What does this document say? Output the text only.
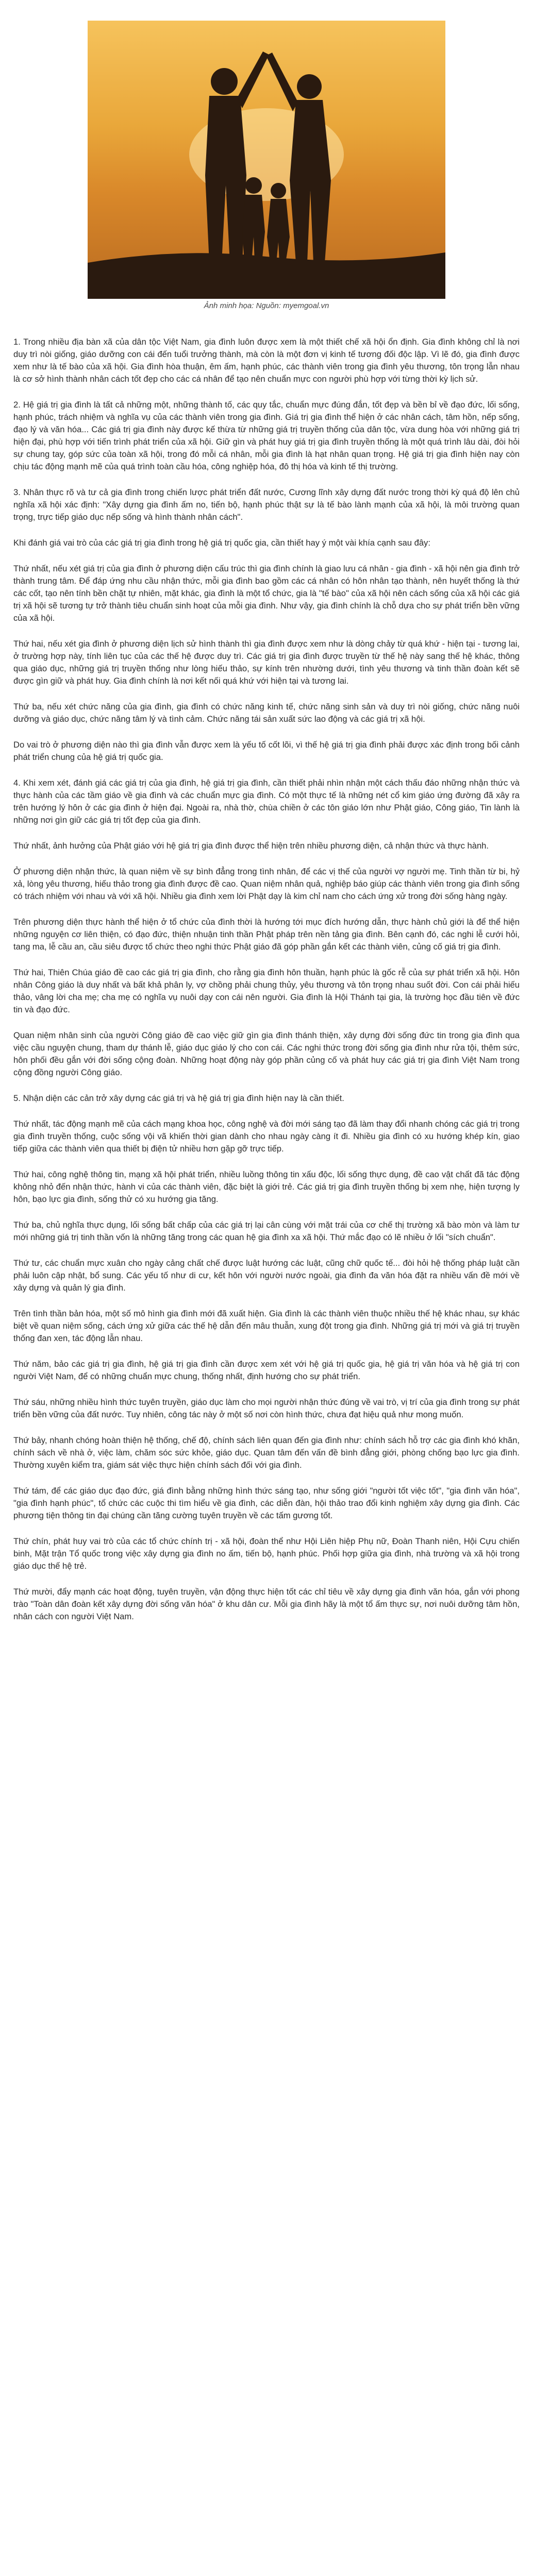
Ảnh minh họa: Nguồn: myemgoal.vn

1. Trong nhiều địa bàn xã của dân tộc Việt Nam, gia đình luôn được xem là một thiết chế xã hội ổn định. Gia đình không chỉ là nơi duy trì nòi giống, giáo dưỡng con cái đến tuổi trưởng thành, mà còn là một đơn vị kinh tế tương đối độc lập. Vì lẽ đó, gia đình được xem như là tế bào của xã hội. Gia đình hòa thuận, êm ấm, hạnh phúc, các thành viên trong gia đình yêu thương, tôn trọng lẫn nhau là cơ sở hình thành nhân cách tốt đẹp cho các cá nhân để tạo nên chuẩn mực con người phù hợp với từng thời kỳ lịch sử.

2. Hệ giá trị gia đình là tất cả những một, những thành tố, các quy tắc, chuẩn mực đúng đắn, tốt đẹp và bền bỉ về đạo đức, lối sống, hạnh phúc, trách nhiệm và nghĩa vụ của các thành viên trong gia đình. Giá trị gia đình thể hiện ở các nhân cách, tâm hồn, nếp sống, đạo lý và văn hóa... Các giá trị gia đình này được kế thừa từ những giá trị truyền thống của dân tộc, vừa dung hòa với những giá trị hiện đại, phù hợp với tiến trình phát triển của xã hội. Giữ gìn và phát huy giá trị gia đình truyền thống là một quá trình lâu dài, đòi hỏi sự chung tay, góp sức của toàn xã hội, trong đó mỗi cá nhân, mỗi gia đình là hạt nhân quan trọng. Hệ giá trị gia đình hiện nay còn chịu tác động mạnh mẽ của quá trình toàn cầu hóa, công nghiệp hóa, đô thị hóa và kinh tế thị trường.

3. Nhân thực rõ và tư cả gia đình trong chiến lược phát triển đất nước, Cương lĩnh xây dựng đất nước trong thời kỳ quá độ lên chủ nghĩa xã hội xác định: "Xây dựng gia đình ấm no, tiến bộ, hạnh phúc thật sự là tế bào lành mạnh của xã hội, là môi trường quan trọng, trực tiếp giáo dục nếp sống và hình thành nhân cách".

Khi đánh giá vai trò của các giá trị gia đình trong hệ giá trị quốc gia, cần thiết hay ý một vài khía cạnh sau đây:

Thứ nhất, nếu xét giá trị của gia đình ở phương diện cấu trúc thì gia đình chính là giao lưu cá nhân - gia đình - xã hội nên gia đình trở thành trung tâm. Để đáp ứng nhu cầu nhận thức, mỗi gia đình bao gồm các cá nhân có hôn nhân tạo thành, nên huyết thống là thứ các cốt, tạo nên tính bền chặt tự nhiên, mặt khác, gia đình là một tổ chức, gia là "tế bào" của xã hội nên cách sống của xã hội các giá trị xã hội sẽ tương tự trở thành tiêu chuẩn sinh hoạt của mỗi gia đình. Như vậy, gia đình chính là chỗ dựa cho sự phát triển bền vững của xã hội.

Thứ hai, nếu xét gia đình ở phương diện lịch sử hình thành thì gia đình được xem như là dòng chảy từ quá khứ - hiện tại - tương lai, ở trường hợp này, tính liên tục của các thế hệ được duy trì. Các giá trị gia đình được truyền từ thế hệ này sang thế hệ khác, thông qua giáo dục, những giá trị truyền thống như lòng hiếu thảo, sự kính trên nhường dưới, tình yêu thương và tinh thần đoàn kết sẽ được gìn giữ và phát huy. Gia đình chính là nơi kết nối quá khứ với hiện tại và tương lai.

Thứ ba, nếu xét chức năng của gia đình, gia đình có chức năng kinh tế, chức năng sinh sản và duy trì nòi giống, chức năng nuôi dưỡng và giáo dục, chức năng tâm lý và tình cảm. Chức năng tái sản xuất sức lao động và các giá trị xã hội.

Do vai trò ở phương diện nào thì gia đình vẫn được xem là yếu tố cốt lõi, vì thế hệ giá trị gia đình phải được xác định trong bối cảnh phát triển chung của hệ giá trị quốc gia.

4. Khi xem xét, đánh giá các giá trị của gia đình, hệ giá trị gia đình, cần thiết phải nhìn nhận một cách thấu đáo những nhận thức và thực hành của các tầm giáo về gia đình và các chuẩn mực gia đình. Có một thực tế là những nét cổ kim giáo ứng đường đã xây ra trên hướng lý hôn ở các gia đình ở hiện đại. Ngoài ra, nhà thờ, chùa chiền ở các tôn giáo lớn như Phật giáo, Công giáo, Tin lành là những nơi gìn giữ các giá trị tốt đẹp của gia đình.

Thứ nhất, ảnh hưởng của Phật giáo với hệ giá trị gia đình được thể hiện trên nhiều phương diện, cả nhận thức và thực hành.

Ở phương diện nhận thức, là quan niệm về sự bình đẳng trong tình nhân, để các vị thế của người vợ người mẹ. Tinh thần từ bi, hỷ xả, lòng yêu thương, hiếu thảo trong gia đình được đề cao. Quan niệm nhân quả, nghiệp báo giúp các thành viên trong gia đình sống có trách nhiệm với nhau và với xã hội. Nhiều gia đình xem lời Phật dạy là kim chỉ nam cho cách ứng xử trong đời sống hàng ngày.

Trên phương diện thực hành thể hiện ở tổ chức của đình thời là hướng tới mục đích hướng dẫn, thực hành chủ giới là để thể hiện những nguyện cơ liên thiện, có đạo đức, thiện nhuận tinh thần Phật pháp trên nền tảng gia đình. Bên cạnh đó, các nghi lễ cưới hỏi, tang ma, lễ cầu an, cầu siêu được tổ chức theo nghi thức Phật giáo đã góp phần gắn kết các thành viên, củng cố giá trị gia đình.

Thứ hai, Thiên Chúa giáo đề cao các giá trị gia đình, cho rằng gia đình hôn thuần, hạnh phúc là gốc rễ của sự phát triển xã hội. Hôn nhân Công giáo là duy nhất và bất khả phân ly, vợ chồng phải chung thủy, yêu thương và tôn trọng nhau suốt đời. Con cái phải hiếu thảo, vâng lời cha mẹ; cha mẹ có nghĩa vụ nuôi dạy con cái nên người. Gia đình là Hội Thánh tại gia, là trường học đầu tiên về đức tin và đạo đức.

Quan niệm nhân sinh của người Công giáo đề cao việc giữ gìn gia đình thánh thiện, xây dựng đời sống đức tin trong gia đình qua việc cầu nguyện chung, tham dự thánh lễ, giáo dục giáo lý cho con cái. Các nghi thức trong đời sống gia đình như rửa tội, thêm sức, hôn phối đều gắn với đời sống cộng đoàn. Những hoạt động này góp phần củng cố và phát huy các giá trị gia đình Việt Nam trong cộng đồng người Công giáo.

5. Nhận diện các cản trở xây dựng các giá trị và hệ giá trị gia đình hiện nay là cần thiết.

Thứ nhất, tác động mạnh mẽ của cách mạng khoa học, công nghệ và đời mới sáng tạo đã làm thay đổi nhanh chóng các giá trị trong gia đình truyền thống, cuộc sống vội vã khiến thời gian dành cho nhau ngày càng ít đi. Nhiều gia đình có xu hướng khép kín, giao tiếp giữa các thành viên qua thiết bị điện tử nhiều hơn gặp gỡ trực tiếp.

Thứ hai, công nghệ thông tin, mạng xã hội phát triển, nhiều luồng thông tin xấu độc, lối sống thực dụng, đề cao vật chất đã tác động không nhỏ đến nhận thức, hành vi của các thành viên, đặc biệt là giới trẻ. Các giá trị gia đình truyền thống bị xem nhẹ, hiện tượng ly hôn, bạo lực gia đình, sống thử có xu hướng gia tăng.

Thứ ba, chủ nghĩa thực dụng, lối sống bất chấp của các giá trị lại cân cùng với mặt trái của cơ chế thị trường xã bào mòn và làm tư mới những giá trị tinh thần vốn là những tăng trong các quan hệ gia đình xa xã hội. Thứ mắc đạo có lẽ nhiều ở lối "sích chuẩn".

Thứ tư, các chuẩn mực xuân cho ngày cảng chất chế được luật hướng các luật, cũng chữ quốc tế... đòi hỏi hệ thống pháp luật cần phải luôn cập nhật, bổ sung. Các yếu tố như di cư, kết hôn với người nước ngoài, gia đình đa văn hóa đặt ra nhiều vấn đề mới về xây dựng và quản lý gia đình.

Trên tình thần bản hóa, một số mô hình gia đình mới đã xuất hiện. Gia đình là các thành viên thuộc nhiều thế hệ khác nhau, sự khác biệt về quan niệm sống, cách ứng xử giữa các thế hệ dẫn đến mâu thuẫn, xung đột trong gia đình. Những giá trị mới và giá trị truyền thống đan xen, tác động lẫn nhau.

Thứ năm, bảo các giá trị gia đình, hệ giá trị gia đình cần được xem xét với hệ giá trị quốc gia, hệ giá trị văn hóa và hệ giá trị con người Việt Nam, để có những chuẩn mực chung, thống nhất, định hướng cho sự phát triển.

Thứ sáu, những nhiều hình thức tuyên truyền, giáo dục làm cho mọi người nhận thức đúng về vai trò, vị trí của gia đình trong sự phát triển bền vững của đất nước. Tuy nhiên, công tác này ở một số nơi còn hình thức, chưa đạt hiệu quả như mong muốn.

Thứ bảy, nhanh chóng hoàn thiện hệ thống, chế độ, chính sách liên quan đến gia đình như: chính sách hỗ trợ các gia đình khó khăn, chính sách về nhà ở, việc làm, chăm sóc sức khỏe, giáo dục. Quan tâm đến vấn đề bình đẳng giới, phòng chống bạo lực gia đình. Thường xuyên kiểm tra, giám sát việc thực hiện chính sách đối với gia đình.

Thứ tám, để các giáo dục đạo đức, giá đình bằng những hình thức sáng tạo, như sống giới "người tốt việc tốt", "gia đình văn hóa", "gia đình hạnh phúc", tổ chức các cuộc thi tìm hiểu về gia đình, các diễn đàn, hội thảo trao đổi kinh nghiệm xây dựng gia đình. Các phương tiện thông tin đại chúng cần tăng cường tuyên truyền về các tấm gương tốt.

Thứ chín, phát huy vai trò của các tổ chức chính trị - xã hội, đoàn thể như Hội Liên hiệp Phụ nữ, Đoàn Thanh niên, Hội Cựu chiến binh, Mặt trận Tổ quốc trong việc xây dựng gia đình no ấm, tiến bộ, hạnh phúc. Phối hợp giữa gia đình, nhà trường và xã hội trong giáo dục thế hệ trẻ.

Thứ mười, đẩy mạnh các hoạt động, tuyên truyền, vận động thực hiện tốt các chỉ tiêu về xây dựng gia đình văn hóa, gắn với phong trào "Toàn dân đoàn kết xây dựng đời sống văn hóa" ở khu dân cư. Mỗi gia đình hãy là một tổ ấm thực sự, nơi nuôi dưỡng tâm hồn, nhân cách con người Việt Nam.
